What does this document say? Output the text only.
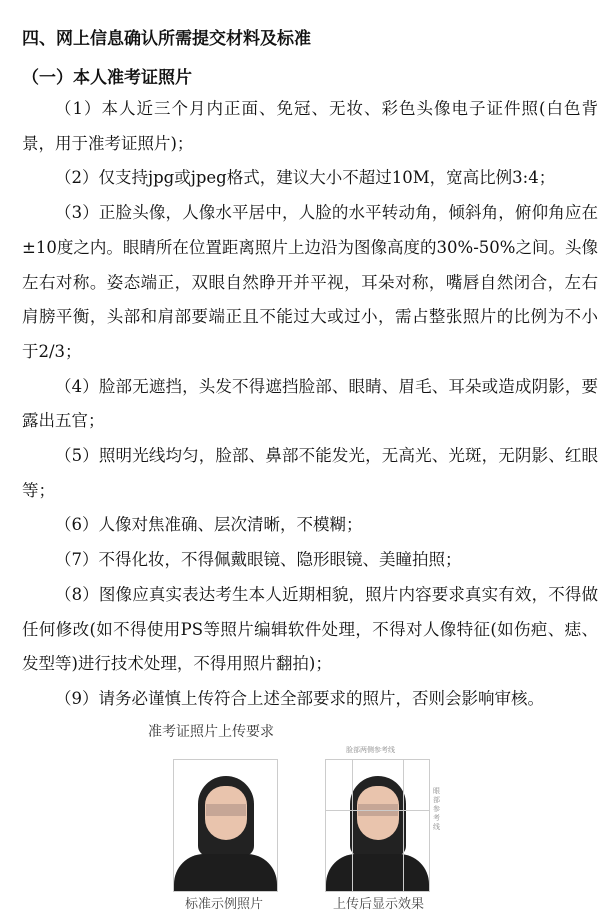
四、网上信息确认所需提交材料及标准
（一）本人准考证照片

（1）本人近三个月内正面、免冠、无妆、彩色头像电子证件照(白色背景，用于准考证照片)；

（2）仅支持jpg或jpeg格式，建议大小不超过10M，宽高比例3:4；

（3）正脸头像，人像水平居中，人脸的水平转动角，倾斜角，俯仰角应在±10度之内。眼睛所在位置距离照片上边沿为图像高度的30%-50%之间。头像左右对称。姿态端正，双眼自然睁开并平视，耳朵对称，嘴唇自然闭合，左右肩膀平衡，头部和肩部要端正且不能过大或过小，需占整张照片的比例为不小于2/3；

（4）脸部无遮挡，头发不得遮挡脸部、眼睛、眉毛、耳朵或造成阴影，要露出五官；

（5）照明光线均匀，脸部、鼻部不能发光，无高光、光斑，无阴影、红眼等；

（6）人像对焦准确、层次清晰，不模糊；

（7）不得化妆，不得佩戴眼镜、隐形眼镜、美瞳拍照；

（8）图像应真实表达考生本人近期相貌，照片内容要求真实有效，不得做任何修改(如不得使用PS等照片编辑软件处理，不得对人像特征(如伤疤、痣、发型等)进行技术处理，不得用照片翻拍)；

（9）请务必谨慎上传符合上述全部要求的照片，否则会影响审核。

准考证照片上传要求
标准示例照片
脸部两侧参考线
眼部参考线
上传后显示效果
